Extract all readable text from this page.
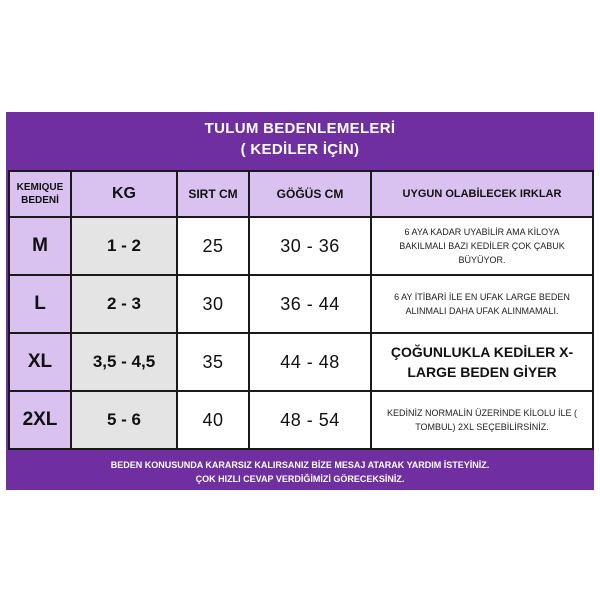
TULUM BEDENLEMELERİ
( KEDİLER İÇİN)
KEMIQUE
BEDENİ	KG	SIRT CM	GÖĞÜS CM	UYGUN OLABİLECEK IRKLAR
M	1 - 2	25	30 - 36	6 AYA KADAR UYABİLİR AMA KİLOYA BAKILMALI BAZI KEDİLER ÇOK ÇABUK BÜYÜYOR.
L	2 - 3	30	36 - 44	6 AY İTİBARİ İLE EN UFAK LARGE BEDEN ALINMALI DAHA UFAK ALINMAMALI.
XL	3,5 - 4,5	35	44 - 48	ÇOĞUNLUKLA KEDİLER X-LARGE BEDEN GİYER
2XL	5 - 6	40	48 - 54	KEDİNİZ NORMALİN ÜZERİNDE KİLOLU İLE ( TOMBUL) 2XL SEÇEBİLİRSİNİZ.
BEDEN KONUSUNDA KARARSIZ KALIRSANIZ BİZE MESAJ ATARAK YARDIM İSTEYİNİZ.
ÇOK HIZLI CEVAP VERDİĞİMİZİ GÖRECEKSİNİZ.
